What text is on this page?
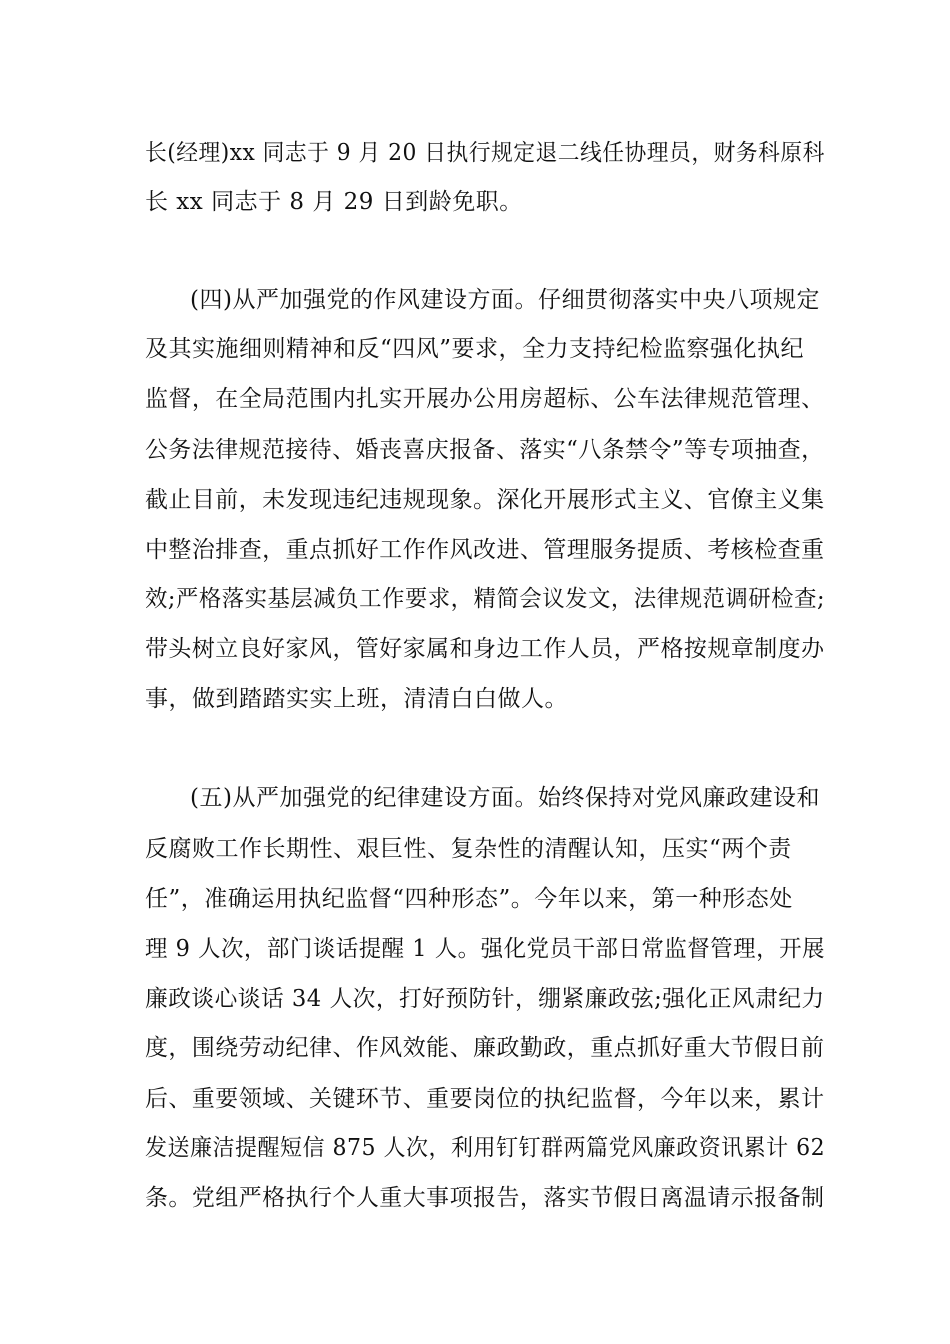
长(经理)xx 同志于 9 月 20 日执行规定退二线任协理员，财务科原科
长 xx 同志于 8 月 29 日到龄免职。
(四)从严加强党的作风建设方面。仔细贯彻落实中央八项规定
及其实施细则精神和反“四风”要求，全力支持纪检监察强化执纪
监督，在全局范围内扎实开展办公用房超标、公车法律规范管理、
公务法律规范接待、婚丧喜庆报备、落实“八条禁令”等专项抽查，
截止目前，未发现违纪违规现象。深化开展形式主义、官僚主义集
中整治排查，重点抓好工作作风改进、管理服务提质、考核检查重
效;严格落实基层减负工作要求，精简会议发文，法律规范调研检查;
带头树立良好家风，管好家属和身边工作人员，严格按规章制度办
事，做到踏踏实实上班，清清白白做人。
(五)从严加强党的纪律建设方面。始终保持对党风廉政建设和
反腐败工作长期性、艰巨性、复杂性的清醒认知，压实“两个责
任”，准确运用执纪监督“四种形态”。今年以来，第一种形态处
理 9 人次，部门谈话提醒 1 人。强化党员干部日常监督管理，开展
廉政谈心谈话 34 人次，打好预防针，绷紧廉政弦;强化正风肃纪力
度，围绕劳动纪律、作风效能、廉政勤政，重点抓好重大节假日前
后、重要领域、关键环节、重要岗位的执纪监督，今年以来，累计
发送廉洁提醒短信 875 人次，利用钉钉群两篇党风廉政资讯累计 62
条。党组严格执行个人重大事项报告，落实节假日离温请示报备制
